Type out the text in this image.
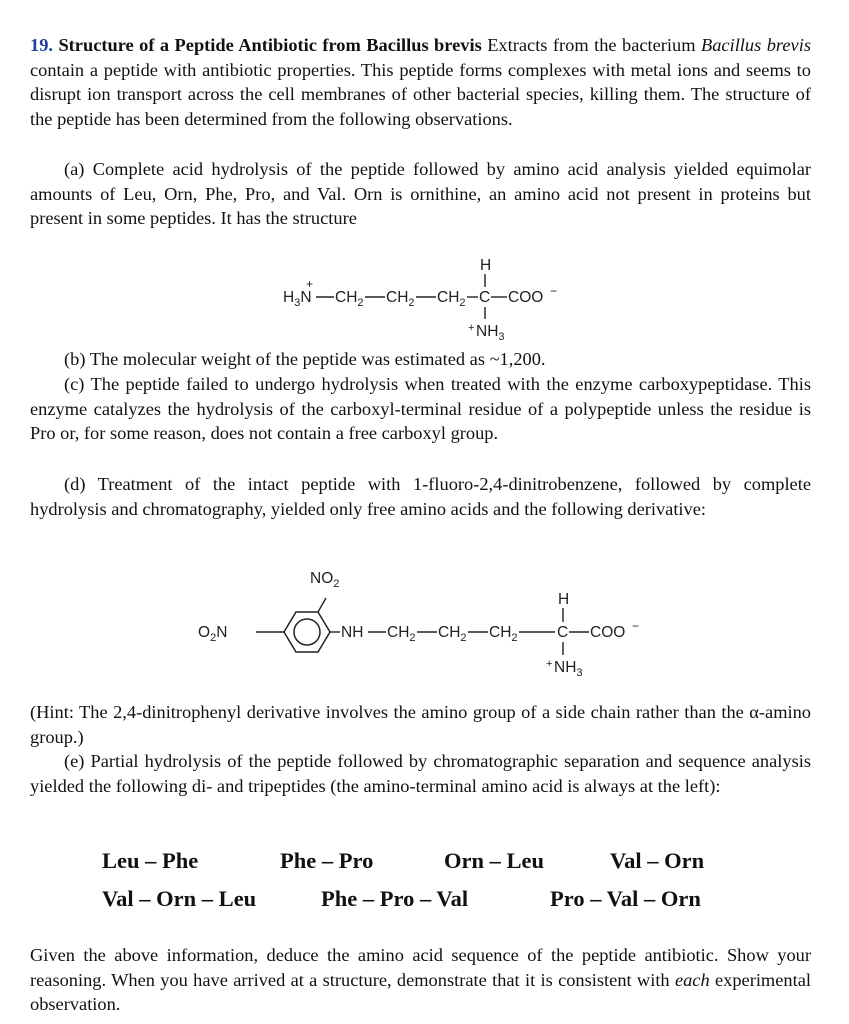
19. Structure of a Peptide Antibiotic from Bacillus brevis Extracts from the bacterium Bacillus brevis contain a peptide with antibiotic properties. This peptide forms complexes with metal ions and seems to disrupt ion transport across the cell membranes of other bacterial species, killing them. The structure of the peptide has been determined from the following observations.

(a) Complete acid hydrolysis of the peptide followed by amino acid analysis yielded equimolar amounts of Leu, Orn, Phe, Pro, and Val. Orn is ornithine, an amino acid not present in proteins but present in some peptides. It has the structure

$H_3N$
+
$CH_2$ $CH_2$ $CH_2$ C COO −
H
+ $NH_3$

(b) The molecular weight of the peptide was estimated as ~1,200.

(c) The peptide failed to undergo hydrolysis when treated with the enzyme carboxypeptidase. This enzyme catalyzes the hydrolysis of the carboxyl-terminal residue of a polypeptide unless the residue is Pro or, for some reason, does not contain a free carboxyl group.

(d) Treatment of the intact peptide with 1-fluoro-2,4-dinitrobenzene, followed by complete hydrolysis and chromatography, yielded only free amino acids and the following derivative:

$NO_2$
$O_2N$	NH $CH_2$ $CH_2$ $CH_2$	C COO −
H
+ $NH_3$

(Hint: The 2,4-dinitrophenyl derivative involves the amino group of a side chain rather than the α-amino group.)

(e) Partial hydrolysis of the peptide followed by chromatographic separation and sequence analysis yielded the following di- and tripeptides (the amino-terminal amino acid is always at the left):

Leu – Phe	Phe – Pro	Orn – Leu	Val – Orn
Val – Orn – Leu	Phe – Pro – Val	Pro – Val – Orn

Given the above information, deduce the amino acid sequence of the peptide antibiotic. Show your reasoning. When you have arrived at a structure, demonstrate that it is consistent with each experimental observation.
